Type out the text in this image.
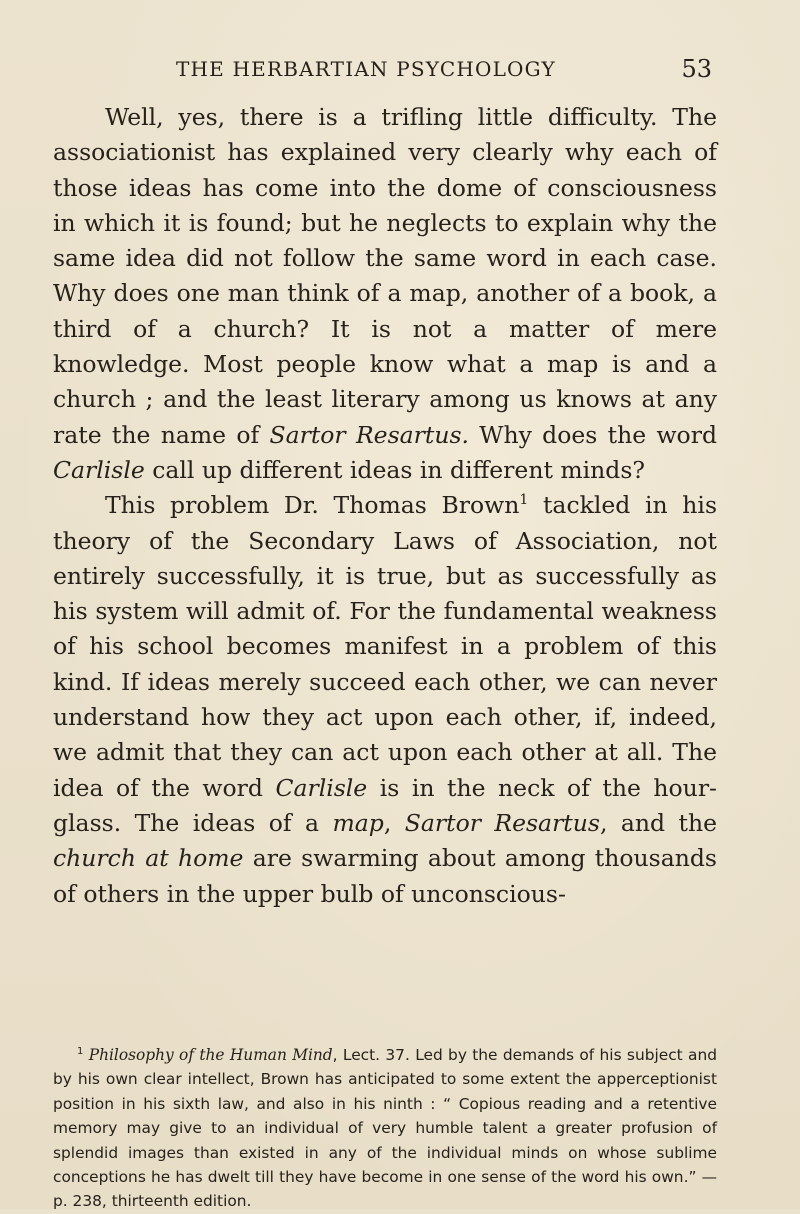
THE HERBARTIAN PSYCHOLOGY	53

Well, yes, there is a trifling little difficulty. The associationist has explained very clearly why each of those ideas has come into the dome of consciousness in which it is found; but he neglects to explain why the same idea did not follow the same word in each case. Why does one man think of a map, another of a book, a third of a church? It is not a matter of mere knowledge. Most people know what a map is and a church ; and the least literary among us knows at any rate the name of Sartor Resartus. Why does the word Carlisle call up different ideas in different minds?

This problem Dr. Thomas Brown$^1$ tackled in his theory of the Secondary Laws of Association, not entirely successfully, it is true, but as successfully as his system will admit of. For the fundamental weakness of his school becomes manifest in a problem of this kind. If ideas merely succeed each other, we can never understand how they act upon each other, if, indeed, we admit that they can act upon each other at all. The idea of the word Carlisle is in the neck of the hour-glass. The ideas of a map, Sartor Resartus, and the church at home are swarming about among thousands of others in the upper bulb of unconscious-

$^1$ Philosophy of the Human Mind, Lect. 37. Led by the demands of his subject and by his own clear intellect, Brown has anticipated to some extent the apperceptionist position in his sixth law, and also in his ninth : “ Copious reading and a retentive memory may give to an individual of very humble talent a greater profusion of splendid images than existed in any of the individual minds on whose sublime conceptions he has dwelt till they have become in one sense of the word his own.” —p. 238, thirteenth edition.
